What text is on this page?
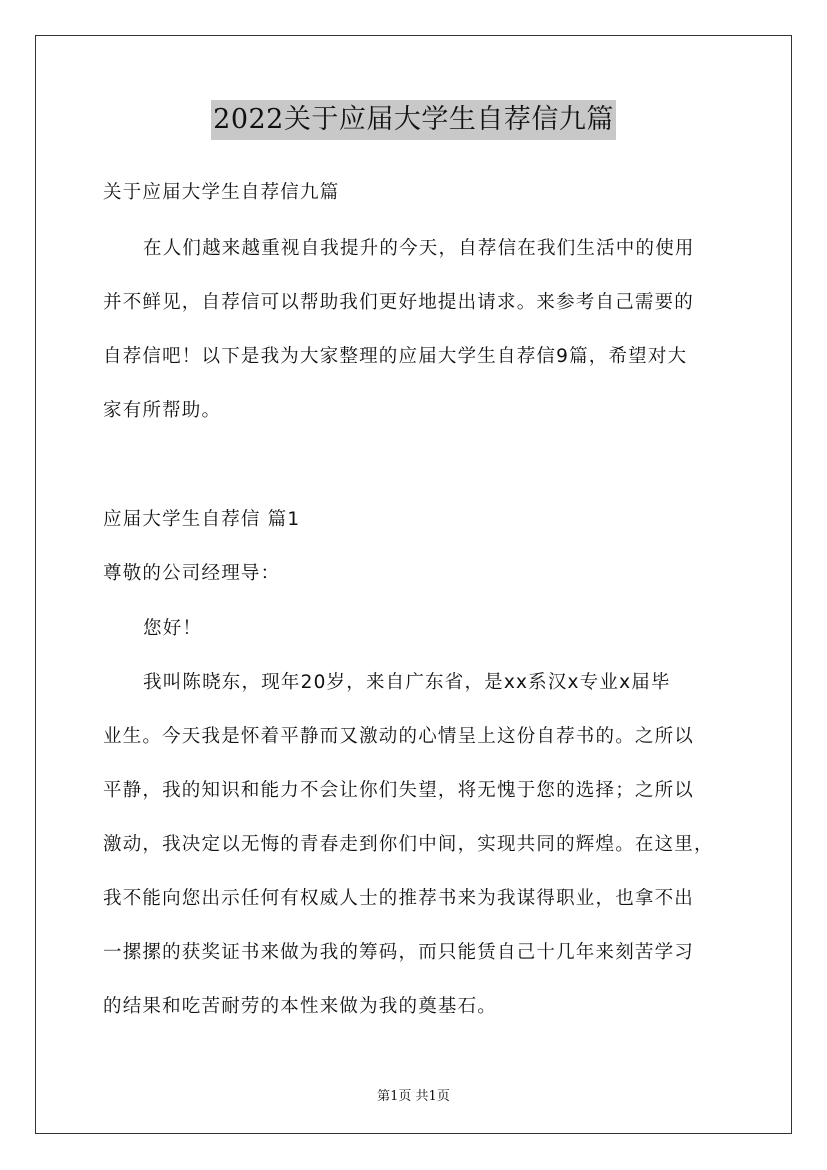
2022关于应届大学生自荐信九篇
关于应届大学生自荐信九篇
在人们越来越重视自我提升的今天，自荐信在我们生活中的使用
并不鲜见，自荐信可以帮助我们更好地提出请求。来参考自己需要的
自荐信吧！以下是我为大家整理的应届大学生自荐信9篇，希望对大
家有所帮助。
应届大学生自荐信 篇1
尊敬的公司经理导：
您好！
我叫陈晓东，现年20岁，来自广东省，是xx系汉x专业x届毕
业生。今天我是怀着平静而又激动的心情呈上这份自荐书的。之所以
平静，我的知识和能力不会让你们失望，将无愧于您的选择；之所以
激动，我决定以无悔的青春走到你们中间，实现共同的辉煌。在这里，
我不能向您出示任何有权威人士的推荐书来为我谋得职业，也拿不出
一摞摞的获奖证书来做为我的筹码，而只能赁自己十几年来刻苦学习
的结果和吃苦耐劳的本性来做为我的奠基石。
第1页 共1页
